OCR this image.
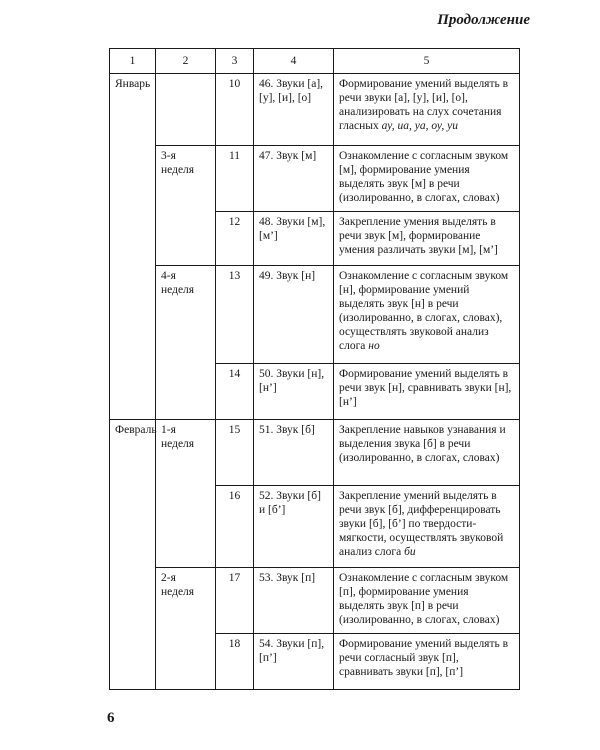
Продолжение
1	2	3	4	5
Январь		10	46. Звуки [а], [у], [и], [о]	Формирование умений выделять в речи звуки [а], [у], [и], [о], анализировать на слух сочетания гласных ау, иа, уа, оу, уи
	3-я неделя	11	47. Звук [м]	Ознакомление с согласным звуком [м], формирование умения выделять звук [м] в речи (изолированно, в слогах, словах)
		12	48. Звуки [м], [м’]	Закрепление умения выделять в речи звук [м], формирование умения различать звуки [м], [м’]
	4-я неделя	13	49. Звук [н]	Ознакомление с согласным звуком [н], формирование умений выделять звук [н] в речи (изолированно, в слогах, словах), осуществлять звуковой анализ слога но
		14	50. Звуки [н], [н’]	Формирование умений выделять в речи звук [н], сравнивать звуки [н], [н’]
Февраль	1-я неделя	15	51. Звук [б]	Закрепление навыков узнавания и выделения звука [б] в речи (изолированно, в слогах, словах)
		16	52. Звуки [б] и [б’]	Закрепление умений выделять в речи звук [б], дифференцировать звуки [б], [б’] по твердости-мягкости, осуществлять звуковой анализ слога би
	2-я неделя	17	53. Звук [п]	Ознакомление с согласным звуком [п], формирование умения выделять звук [п] в речи (изолированно, в слогах, словах)
		18	54. Звуки [п], [п’]	Формирование умений выделять в речи согласный звук [п], сравнивать звуки [п], [п’]
6
